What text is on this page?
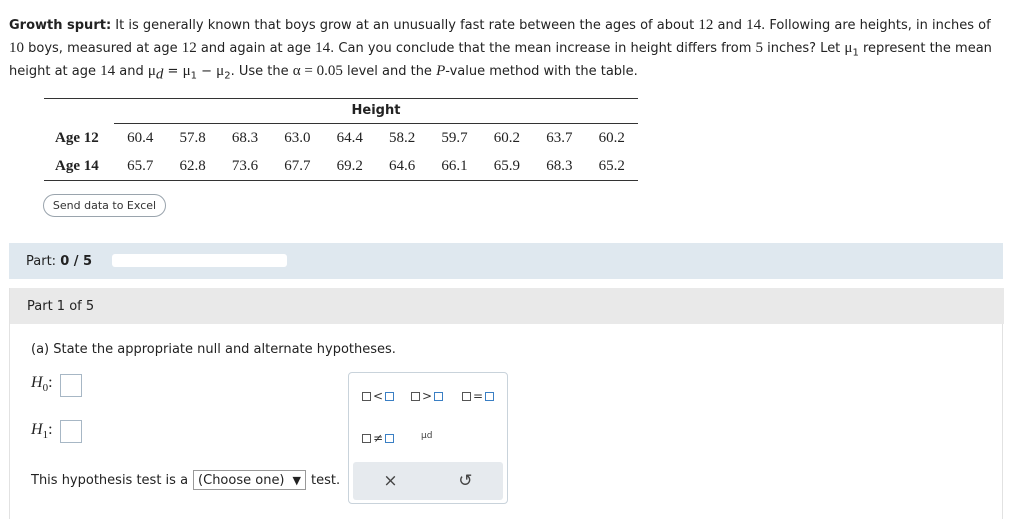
Growth spurt: It is generally known that boys grow at an unusually fast rate between the ages of about 12 and 14. Following are heights, in inches of 10 boys, measured at age 12 and again at age 14. Can you conclude that the mean increase in height differs from 5 inches? Let $\mu_1$ represent the mean height at age 14 and $\mu_d = \mu_1 - \mu_2$. Use the α = 0.05 level and the P-value method with the table.
Height
Age 12	60.4	57.8	68.3	63.0	64.4	58.2	59.7	60.2	63.7	60.2
Age 14	65.7	62.8	73.6	67.7	69.2	64.6	66.1	65.9	68.3	65.2
Send data to Excel
Part: 0 / 5
Part 1 of 5
(a) State the appropriate null and alternate hypotheses.
$H_0$:
$H_1$:
This hypothesis test is a (Choose one) ▼ test.
<	>	=
≠	μd
×	↺
